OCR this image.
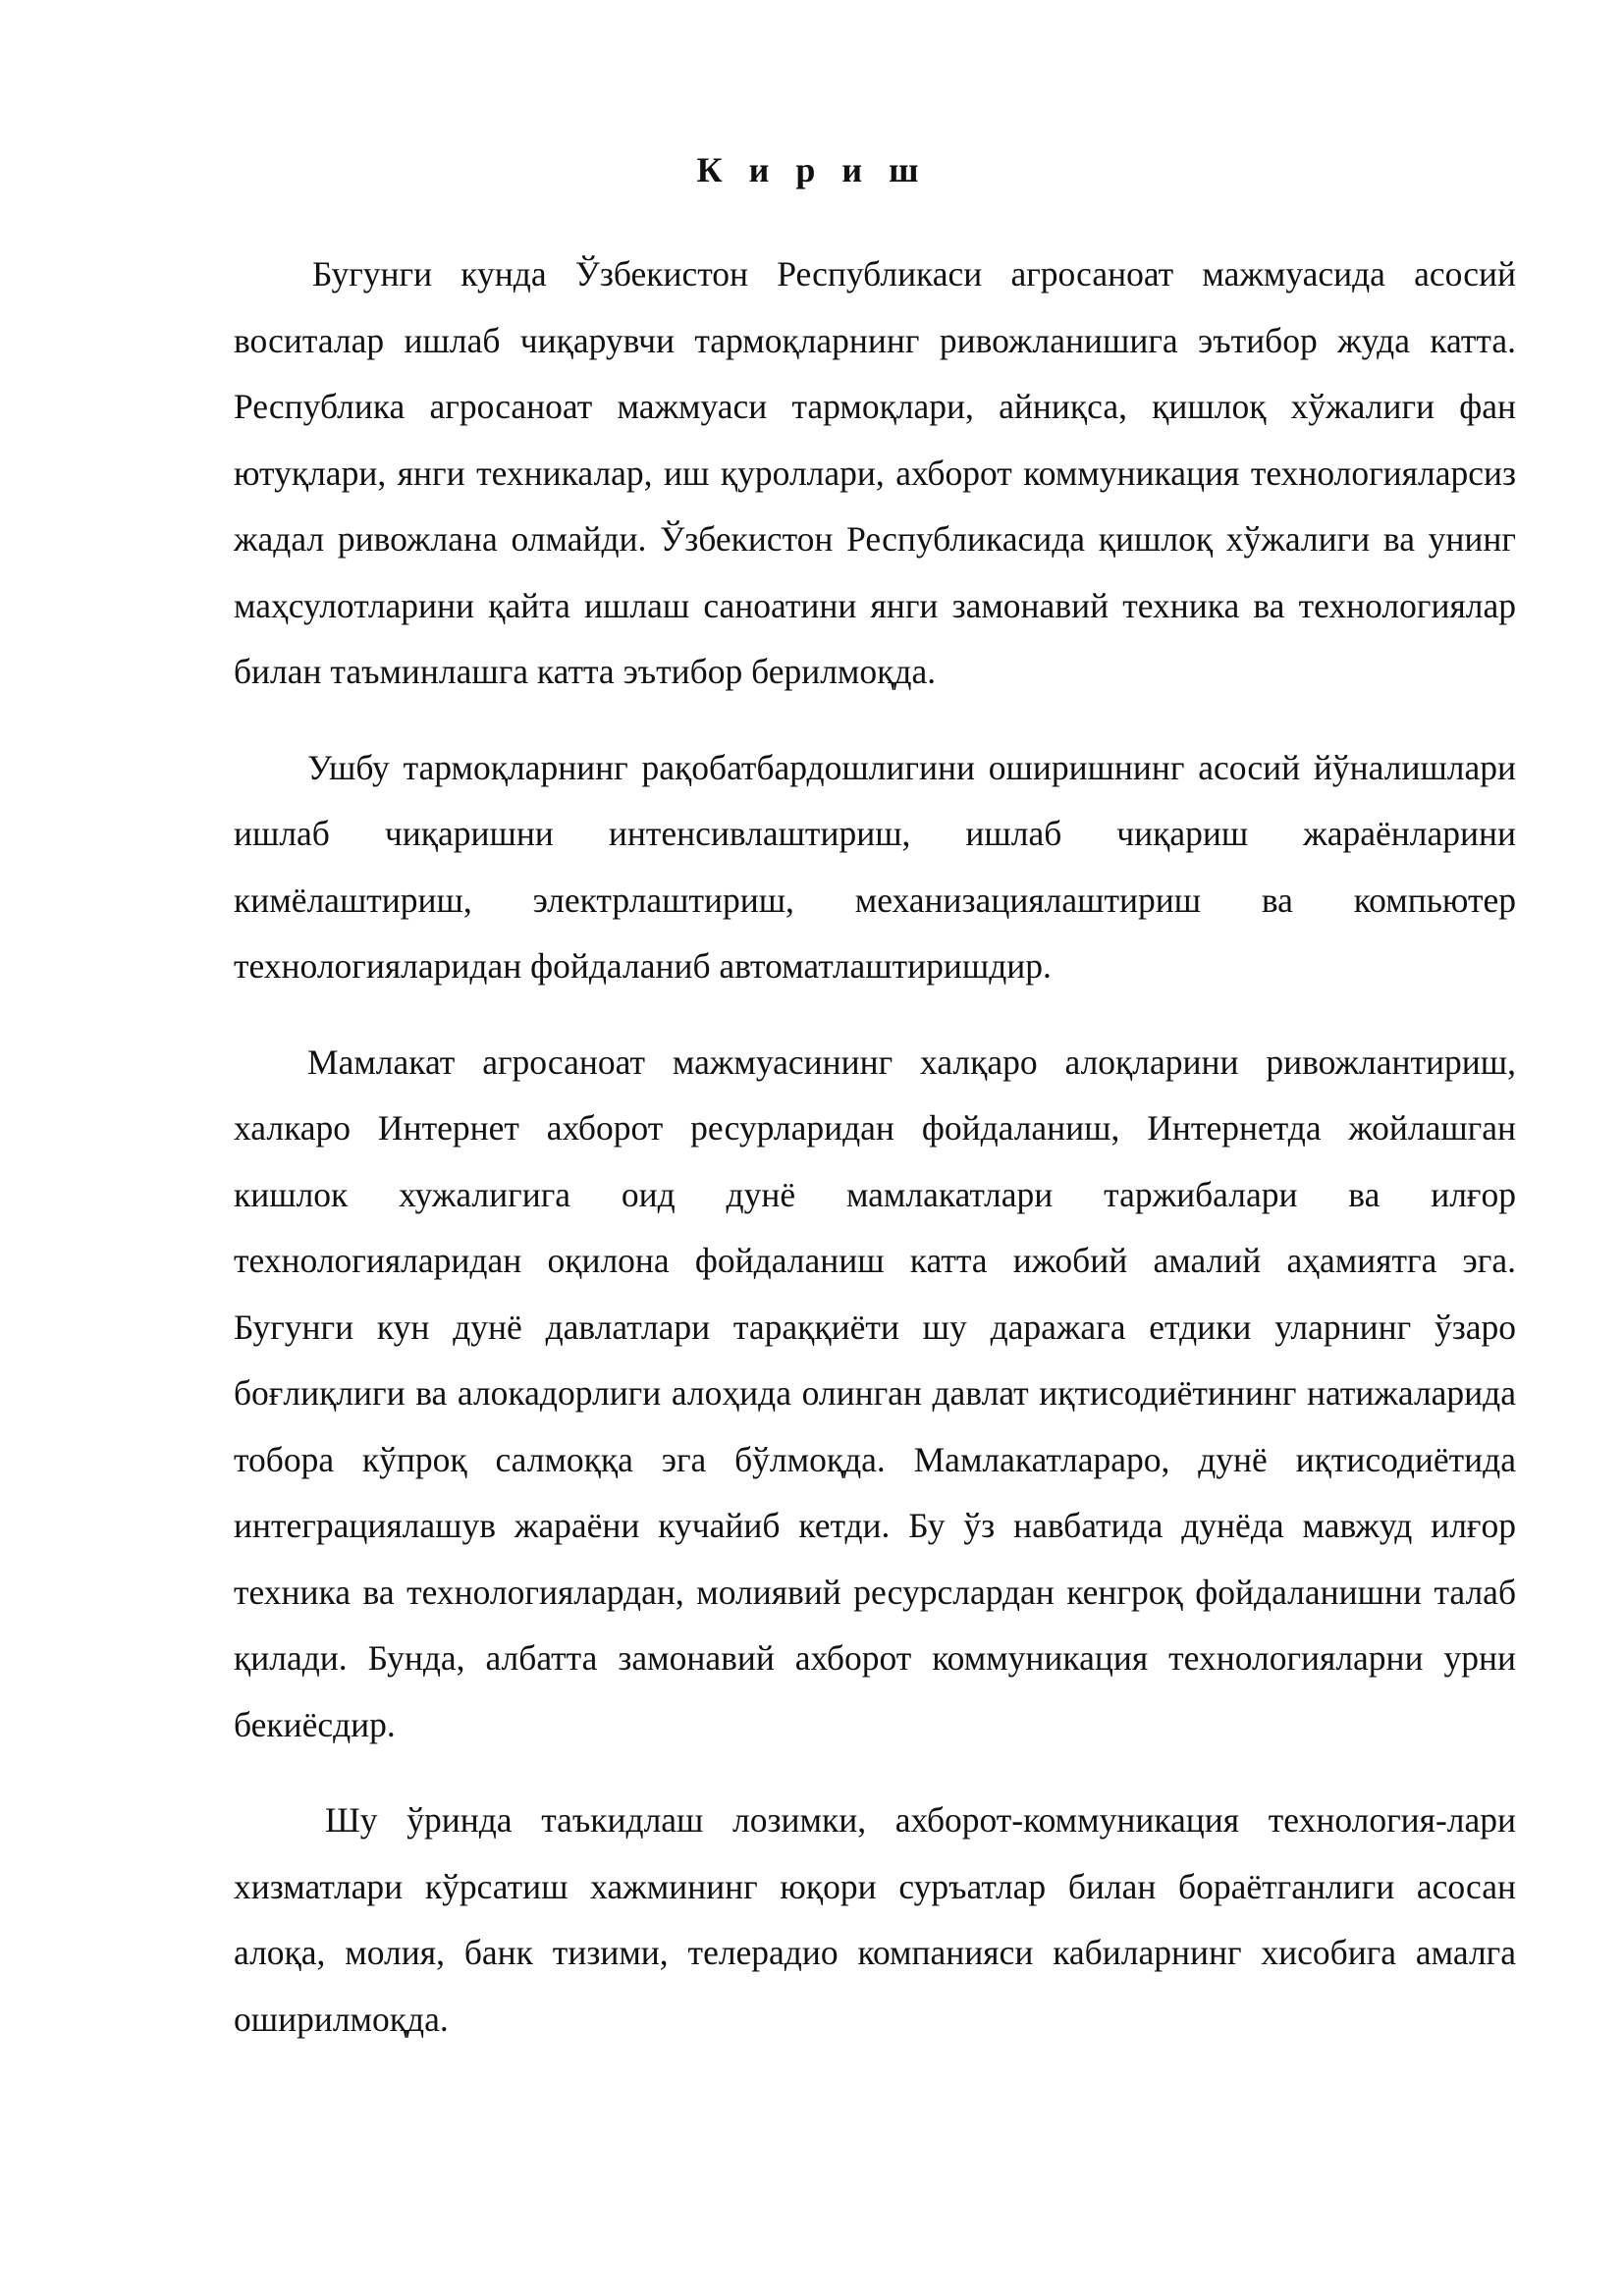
К и р и ш

Бугунги кунда Ўзбекистон Республикаси агросаноат мажмуасида асосий воситалар ишлаб чиқарувчи тармоқларнинг ривожланишига эътибор жуда катта. Республика агросаноат мажмуаси тармоқлари, айниқса, қишлоқ хўжалиги фан ютуқлари, янги техникалар, иш қуроллари, ахборот коммуникация технологияларсиз жадал ривожлана олмайди. Ўзбекистон Республикасида қишлоқ хўжалиги ва унинг маҳсулотларини қайта ишлаш саноатини янги замонавий техника ва технологиялар билан таъминлашга катта эътибор берилмоқда.

Ушбу тармоқларнинг рақобатбардошлигини оширишнинг асосий йўналишлари ишлаб чиқаришни интенсивлаштириш, ишлаб чиқариш жараёнларини кимёлаштириш, электрлаштириш, механизациялаштириш ва компьютер технологияларидан фойдаланиб автоматлаштиришдир.

Мамлакат агросаноат мажмуасининг халқаро алоқларини ривожлантириш, халкаро Интернет ахборот ресурларидан фойдаланиш, Интернетда жойлашган кишлок хужалигига оид дунё мамлакатлари таржибалари ва илғор технологияларидан оқилона фойдаланиш катта ижобий амалий аҳамиятга эга. Бугунги кун дунё давлатлари тараққиёти шу даражага етдики уларнинг ўзаро боғлиқлиги ва алокадорлиги алоҳида олинган давлат иқтисодиётининг натижаларида тобора кўпроқ салмоққа эга бўлмоқда. Мамлакатлараро, дунё иқтисодиётида интеграциялашув жараёни кучайиб кетди. Бу ўз навбатида дунёда мавжуд илғор техника ва технологиялардан, молиявий ресурслардан кенгроқ фойдаланишни талаб қилади. Бунда, албатта замонавий ахборот коммуникация технологияларни урни бекиёсдир.

Шу ўринда таъкидлаш лозимки, ахборот-коммуникация технология-лари хизматлари кўрсатиш хажмининг юқори суръатлар билан бораётганлиги асосан алоқа, молия, банк тизими, телерадио компанияси кабиларнинг хисобига амалга оширилмоқда.
